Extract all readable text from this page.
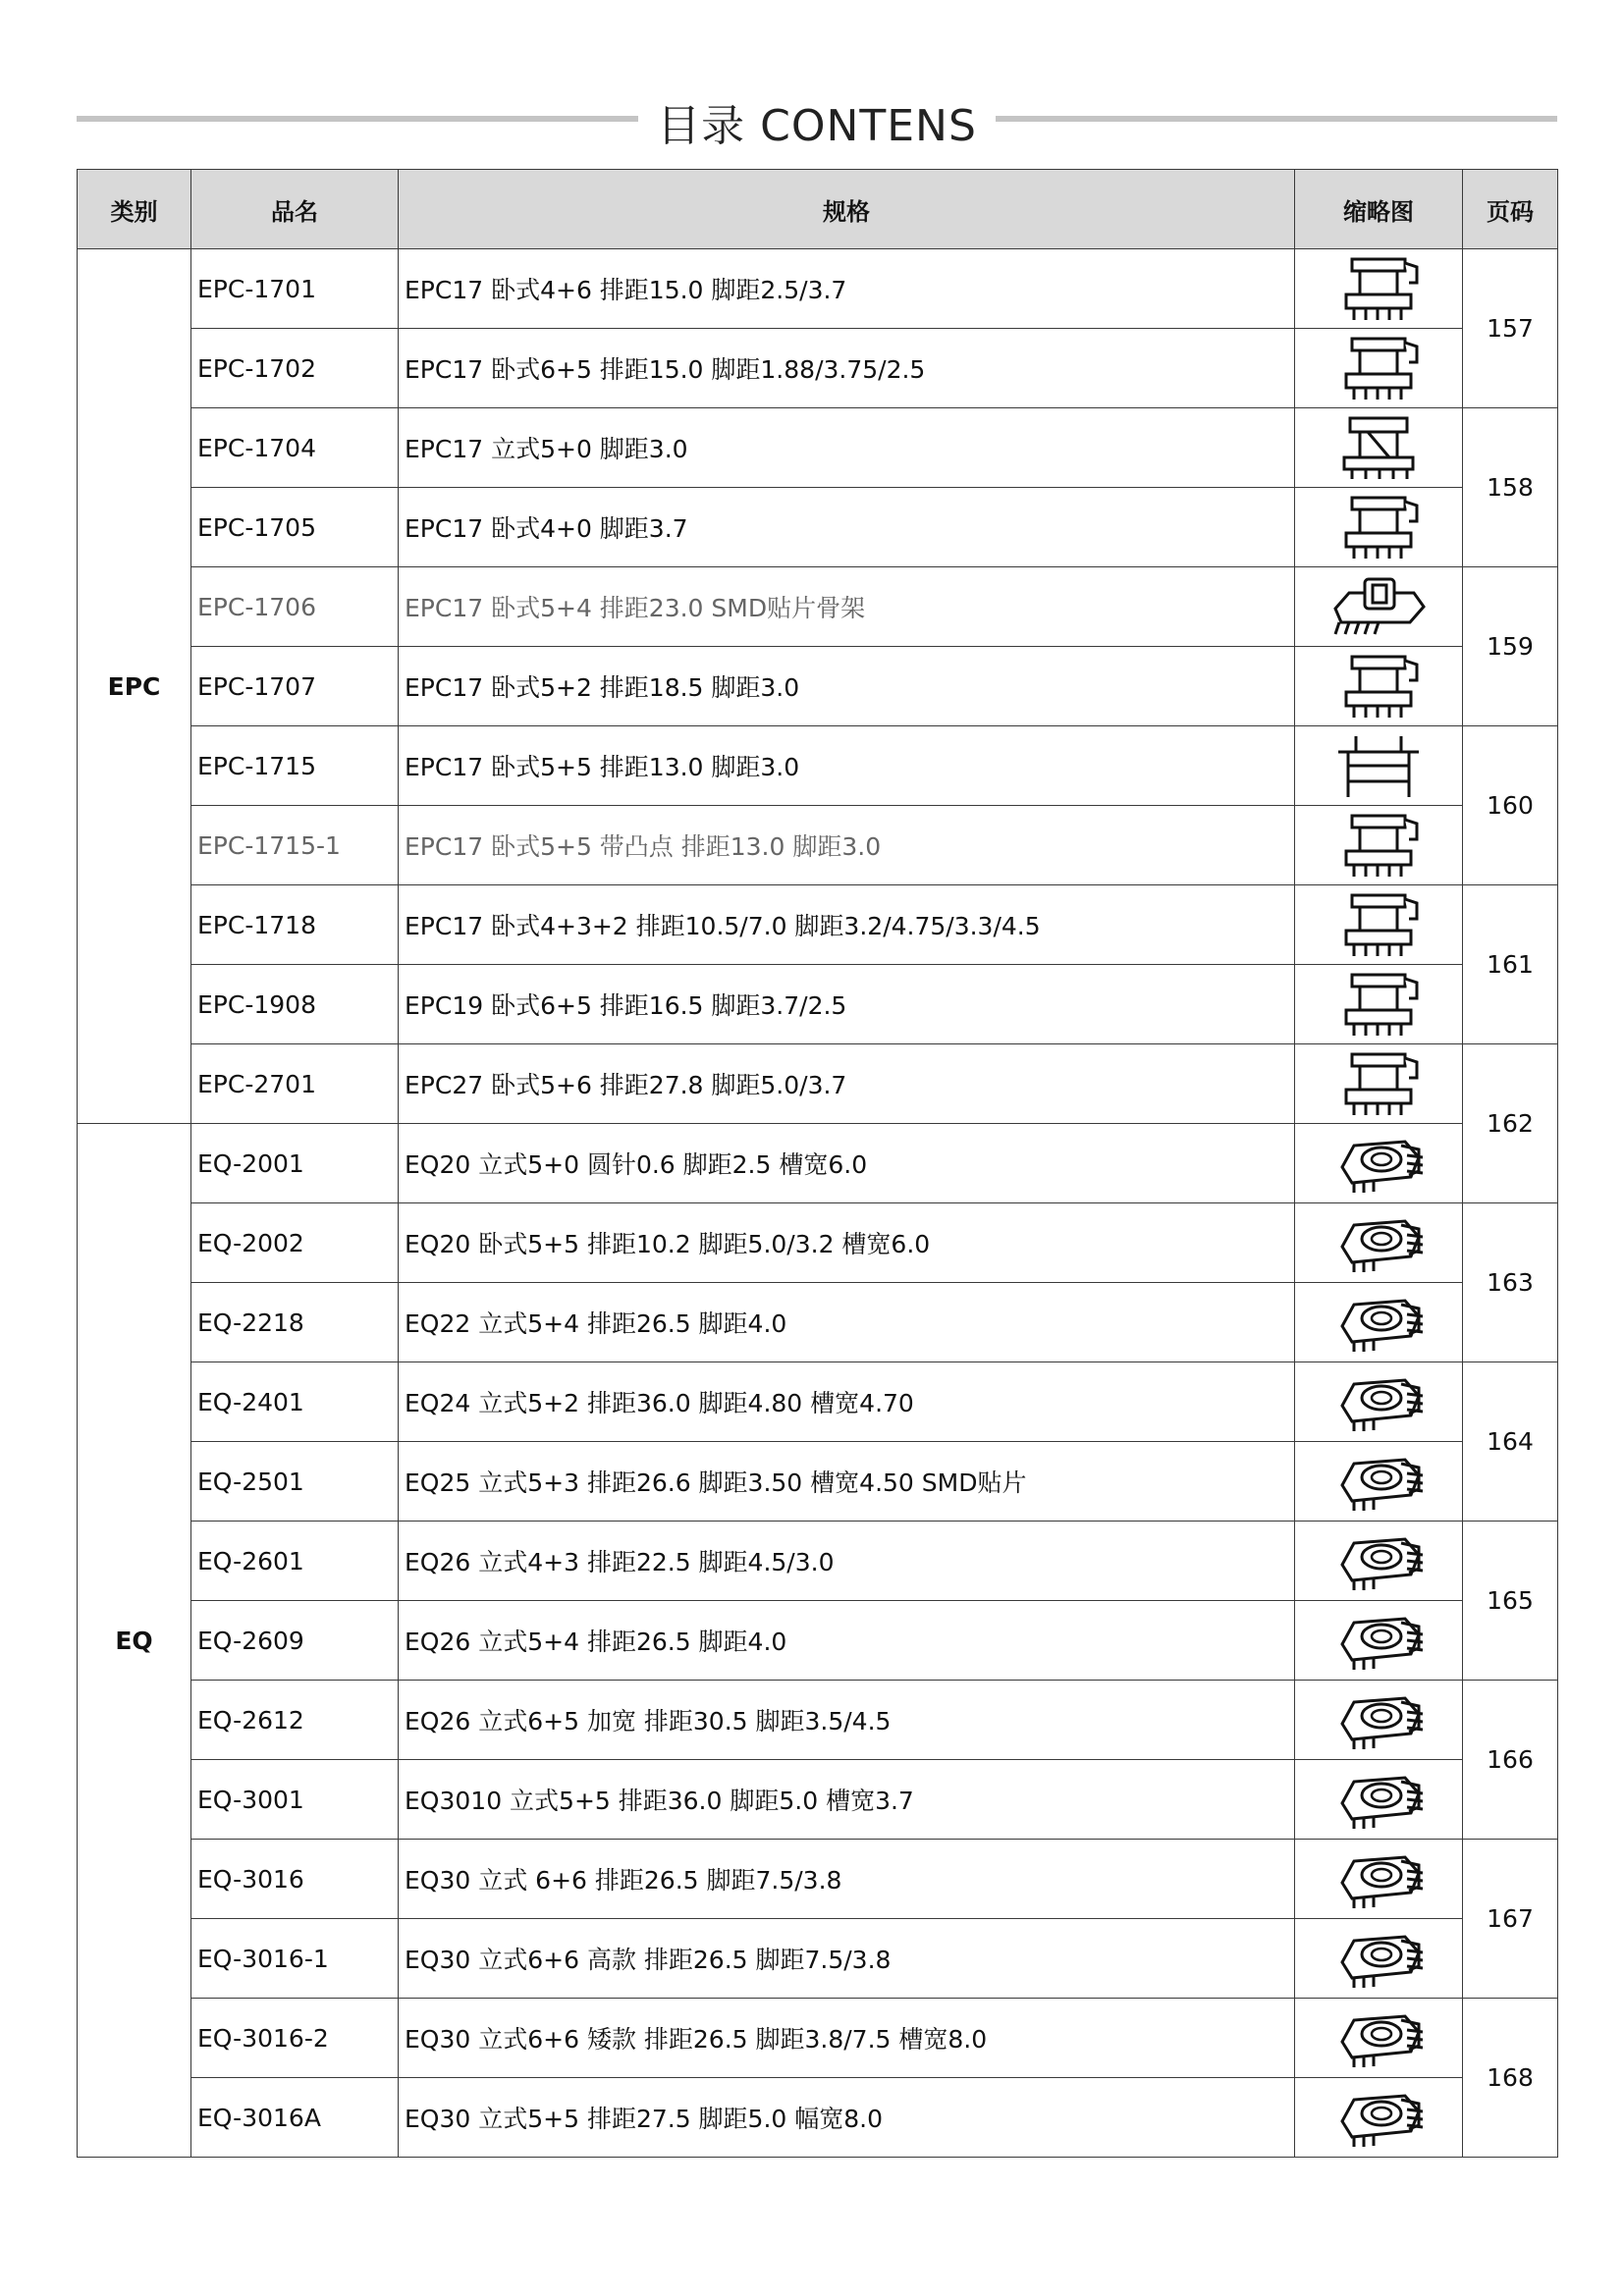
目录 CONTENS
类别	品名	规格	缩略图	页码
EPC	EPC-1701	EPC17 卧式4+6 排距15.0 脚距2.5/3.7		157
	EPC-1702	EPC17 卧式6+5 排距15.0 脚距1.88/3.75/2.5	

	EPC-1704	EPC17 立式5+0 脚距3.0		158
	EPC-1705	EPC17 卧式4+0 脚距3.7	

	EPC-1706	EPC17 卧式5+4 排距23.0 SMD贴片骨架		159
	EPC-1707	EPC17 卧式5+2 排距18.5 脚距3.0	

	EPC-1715	EPC17 卧式5+5 排距13.0 脚距3.0		160
	EPC-1715-1	EPC17 卧式5+5 带凸点 排距13.0 脚距3.0	

	EPC-1718	EPC17 卧式4+3+2 排距10.5/7.0 脚距3.2/4.75/3.3/4.5		161
	EPC-1908	EPC19 卧式6+5 排距16.5 脚距3.7/2.5	

	EPC-2701	EPC27 卧式5+6 排距27.8 脚距5.0/3.7		162
EQ	EQ-2001	EQ20 立式5+0 圆针0.6 脚距2.5 槽宽6.0	

	EQ-2002	EQ20 卧式5+5 排距10.2 脚距5.0/3.2 槽宽6.0		163
	EQ-2218	EQ22 立式5+4 排距26.5 脚距4.0	

	EQ-2401	EQ24 立式5+2 排距36.0 脚距4.80 槽宽4.70		164
	EQ-2501	EQ25 立式5+3 排距26.6 脚距3.50 槽宽4.50 SMD贴片	

	EQ-2601	EQ26 立式4+3 排距22.5 脚距4.5/3.0		165
	EQ-2609	EQ26 立式5+4 排距26.5 脚距4.0	

	EQ-2612	EQ26 立式6+5 加宽 排距30.5 脚距3.5/4.5		166
	EQ-3001	EQ3010 立式5+5 排距36.0 脚距5.0 槽宽3.7	

	EQ-3016	EQ30 立式 6+6 排距26.5 脚距7.5/3.8		167
	EQ-3016-1	EQ30 立式6+6 高款 排距26.5 脚距7.5/3.8	

	EQ-3016-2	EQ30 立式6+6 矮款 排距26.5 脚距3.8/7.5 槽宽8.0		168
	EQ-3016A	EQ30 立式5+5 排距27.5 脚距5.0 幅宽8.0	
